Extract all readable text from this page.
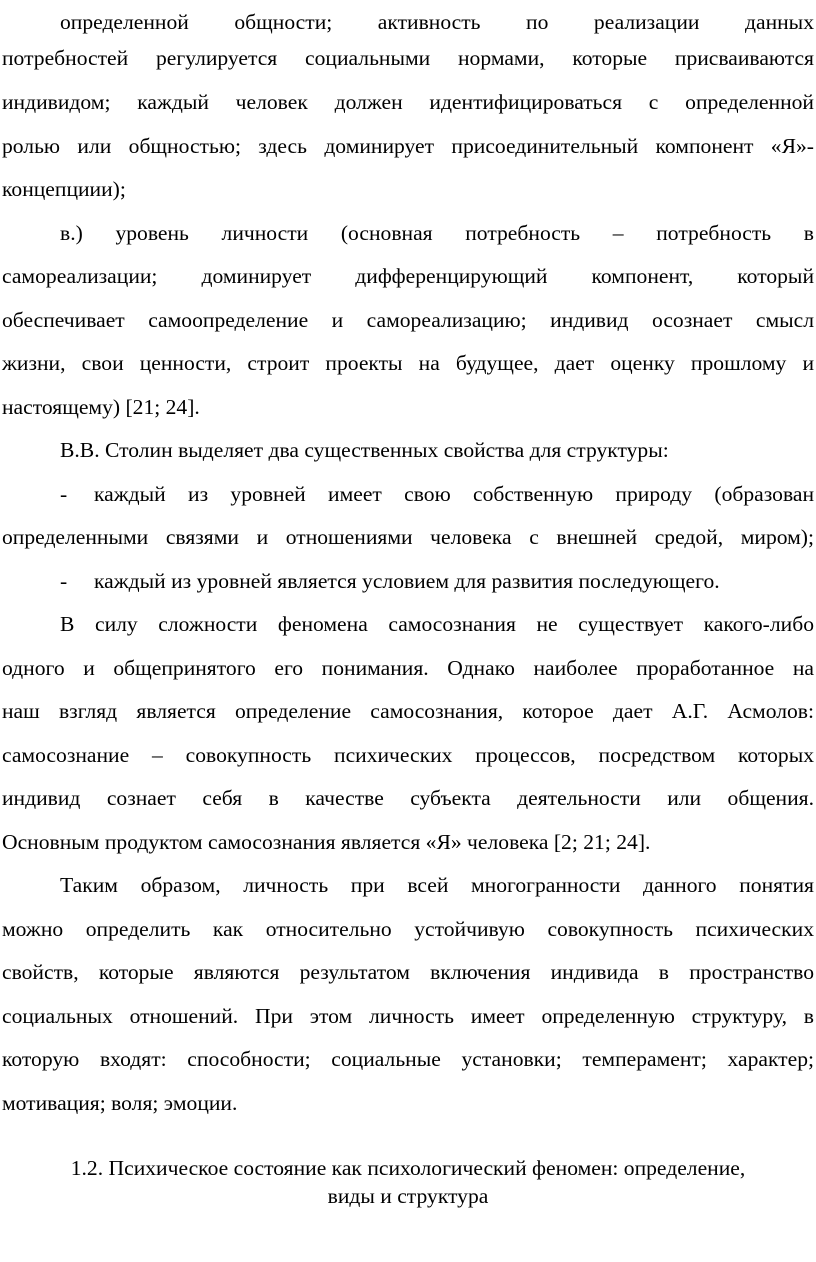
определенной общности; активность по реализации данных
потребностей регулируется социальными нормами, которые присваиваются
индивидом; каждый человек должен идентифицироваться с определенной
ролью или общностью; здесь доминирует присоединительный компонент «Я»-
концепциии);
в.) уровень личности (основная потребность – потребность в
самореализации; доминирует дифференцирующий компонент, который
обеспечивает самоопределение и самореализацию; индивид осознает смысл
жизни, свои ценности, строит проекты на будущее, дает оценку прошлому и
настоящему) [21; 24].
В.В. Столин выделяет два существенных свойства для структуры:
- каждый из уровней имеет свою собственную природу (образован
определенными связями и отношениями человека с внешней средой, миром);
- каждый из уровней является условием для развития последующего.
В силу сложности феномена самосознания не существует какого-либо
одного и общепринятого его понимания. Однако наиболее проработанное на
наш взгляд является определение самосознания, которое дает А.Г. Асмолов:
самосознание – совокупность психических процессов, посредством которых
индивид сознает себя в качестве субъекта деятельности или общения.
Основным продуктом самосознания является «Я» человека [2; 21; 24].
Таким образом, личность при всей многогранности данного понятия
можно определить как относительно устойчивую совокупность психических
свойств, которые являются результатом включения индивида в пространство
социальных отношений. При этом личность имеет определенную структуру, в
которую входят: способности; социальные установки; темперамент; характер;
мотивация; воля; эмоции.
1.2. Психическое состояние как психологический феномен: определение,
виды и структура
